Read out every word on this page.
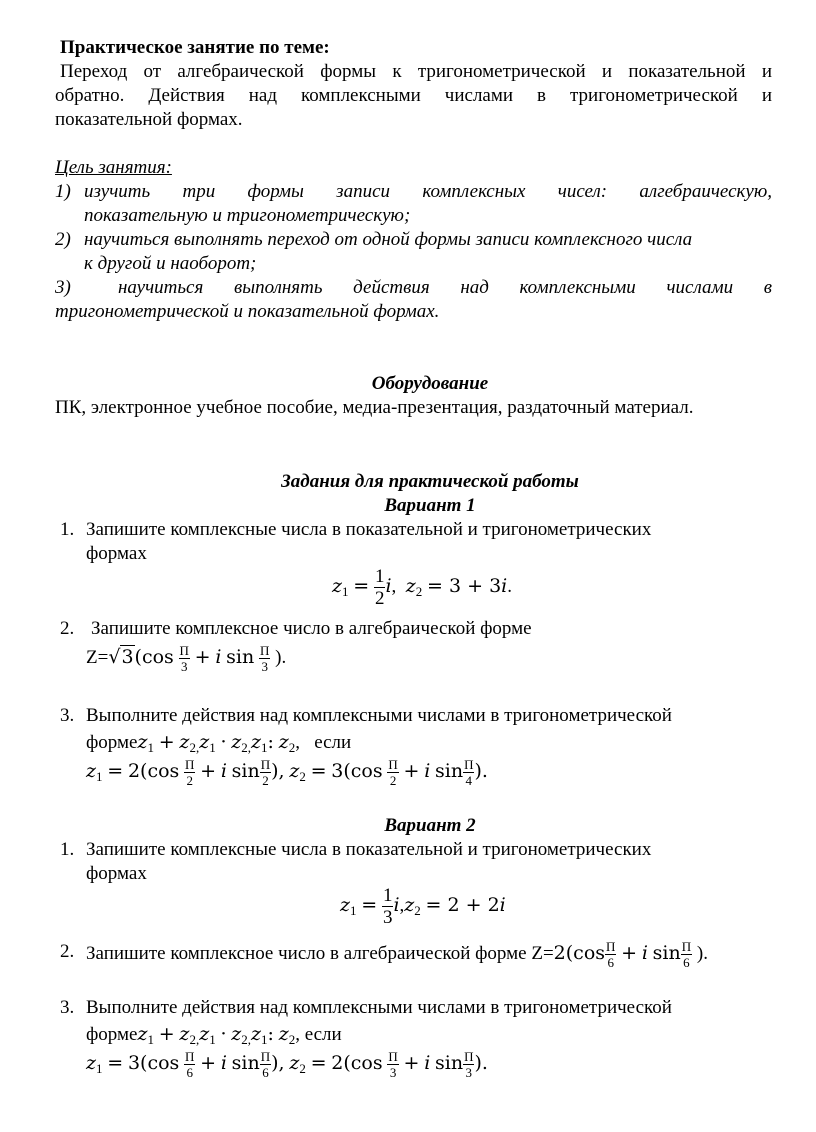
Практическое занятие по теме:
Переход от алгебраической формы к тригонометрической и показательной и
обратно. Действия над комплексными числами в тригонометрической и
показательной формах.
Цель занятия:
1) изучить три формы записи комплексных чисел: алгебраическую,
показательную и тригонометрическую;
2) научиться выполнять переход от одной формы записи комплексного числа
к другой и наоборот;
3) научиться выполнять действия над комплексными числами в
тригонометрической и показательной формах.
Оборудование
ПК, электронное учебное пособие, медиа-презентация, раздаточный материал.
Задания для практической работы
Вариант 1
1. Запишите комплексные числа в показательной и тригонометрических
формах
$z_1 = \frac{1}{2} i$,  $z_2 = 3 + 3i$.
2. Запишите комплексное число в алгебраической форме
$Z=√3(\cos \frac{П}{3} + i$ $\sin \frac{П}{3}$ ).
3. Выполните действия над комплексными числами в тригонометрической
формеz$_1$ + $z_{2,}z_1 \cdot z_{2,}z_1$: $z_2$,   если
$z_1 = 2(\cos \frac{П}{2} + i$ $\sin \frac{П}{2}$ ), $z_2 = 3(\cos \frac{П}{2} + i$ $\sin \frac{П}{4}$ ).
Вариант 2
1. Запишите комплексные числа в показательной и тригонометрических
формах
$z_1 = \frac{1}{3} i,z_2 = 2 + 2i$
2. Запишите комплексное число в алгебраической форме $Z=2(\cos \frac{П}{6} + i$ $\sin \frac{П}{6}$ ).
3. Выполните действия над комплексными числами в тригонометрической
формеz$_1$ + $z_{2,}z_1 \cdot z_{2,}z_1$: $z_2$, если
$z_1 = 3(\cos \frac{П}{6} + i$ $\sin \frac{П}{6}$ ), $z_2 = 2(\cos \frac{П}{3} + i$ $\sin \frac{П}{3}$ ).
